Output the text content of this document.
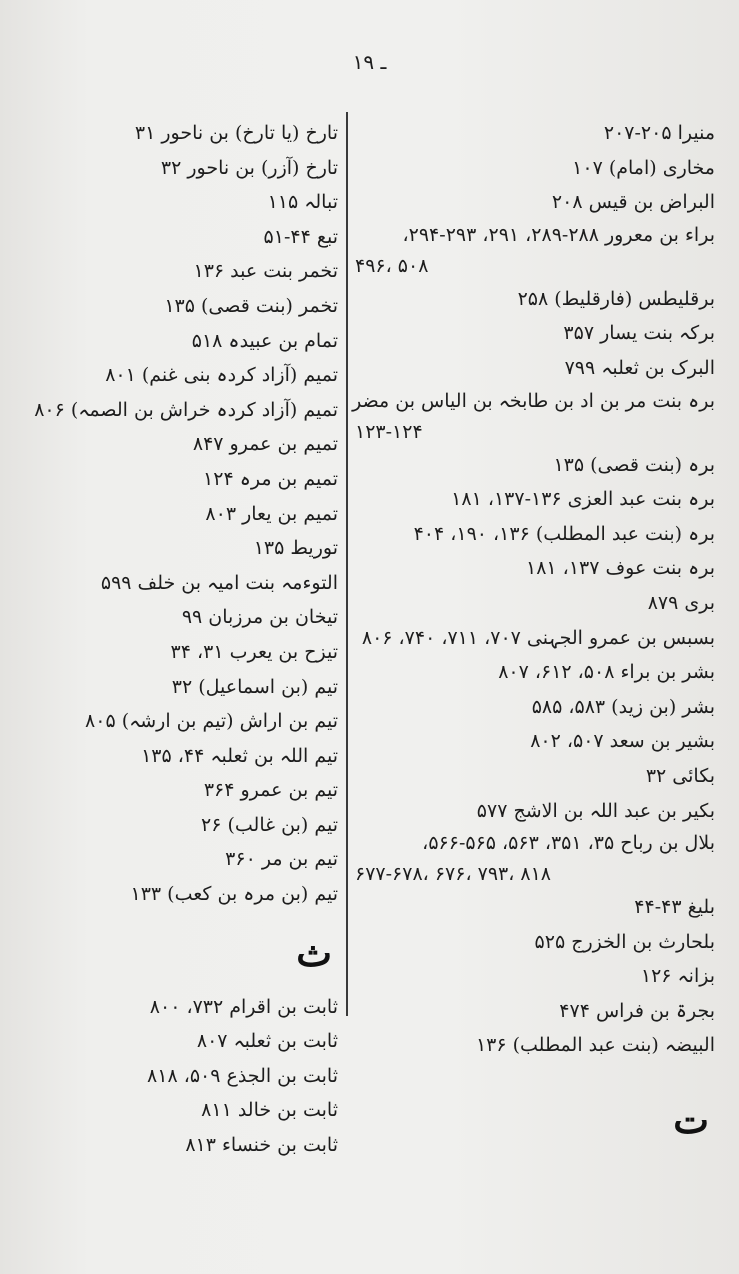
۱۹ ـ
منیرا ۲۰۵-۲۰۷
مخاری (امام) ۱۰۷
البراض بن قیس ۲۰۸
براء بن معرور ۲۸۸-۲۸۹، ۲۹۱، ۲۹۳-۲۹۴،
۴۹۶، ۵۰۸
برقلیطس (فارقلیط) ۲۵۸
برکہ بنت یسار ۳۵۷
البرک بن ثعلبہ ۷۹۹
برہ بنت مر بن اد بن طابخہ بن الیاس بن مضر
۱۲۳-۱۲۴
برہ (بنت قصی) ۱۳۵
برہ بنت عبد العزی ۱۳۶-۱۳۷، ۱۸۱
برہ (بنت عبد المطلب) ۱۳۶، ۱۹۰، ۴۰۴
برہ بنت عوف ۱۳۷، ۱۸۱
بری ۸۷۹
بسبس بن عمرو الجہنی ۷۰۷، ۷۱۱، ۷۴۰، ۸۰۶
بشر بن براء ۵۰۸، ۶۱۲، ۸۰۷
بشر (بن زید) ۵۸۳، ۵۸۵
بشیر بن سعد ۵۰۷، ۸۰۲
بکائی ۳۲
بکیر بن عبد اللہ بن الاشج ۵۷۷
بلال بن رباح ۳۵، ۳۵۱، ۵۶۳، ۵۶۵-۵۶۶،
۶۷۷-۶۷۸، ۶۷۶، ۷۹۳، ۸۱۸
بلیغ ۴۳-۴۴
بلحارث بن الخزرج ۵۲۵
بزانہ ۱۲۶
بجرۃ بن فراس ۴۷۴
البیضہ (بنت عبد المطلب) ۱۳۶
ت
تارخ (یا تارخ) بن ناحور ۳۱
تارخ (آزر) بن ناحور ۳۲
تبالہ ۱۱۵
تبع ۴۴-۵۱
تخمر بنت عبد ۱۳۶
تخمر (بنت قصی) ۱۳۵
تمام بن عبیدہ ۵۱۸
تمیم (آزاد کردہ بنی غنم) ۸۰۱
تمیم (آزاد کردہ خراش بن الصمہ) ۸۰۶
تمیم بن عمرو ۸۴۷
تمیم بن مرہ ۱۲۴
تمیم بن یعار ۸۰۳
توریط ۱۳۵
التوءمہ بنت امیہ بن خلف ۵۹۹
تیخان بن مرزبان ۹۹
تیزح بن یعرب ۳۱، ۳۴
تیم (بن اسماعیل) ۳۲
تیم بن اراش (تیم بن ارشہ) ۸۰۵
تیم اللہ بن ثعلبہ ۴۴، ۱۳۵
تیم بن عمرو ۳۶۴
تیم (بن غالب) ۲۶
تیم بن مر ۳۶۰
تیم (بن مرہ بن کعب) ۱۳۳
ث
ثابت بن اقرام ۷۳۲، ۸۰۰
ثابت بن ثعلبہ ۸۰۷
ثابت بن الجذع ۵۰۹، ۸۱۸
ثابت بن خالد ۸۱۱
ثابت بن خنساء ۸۱۳
